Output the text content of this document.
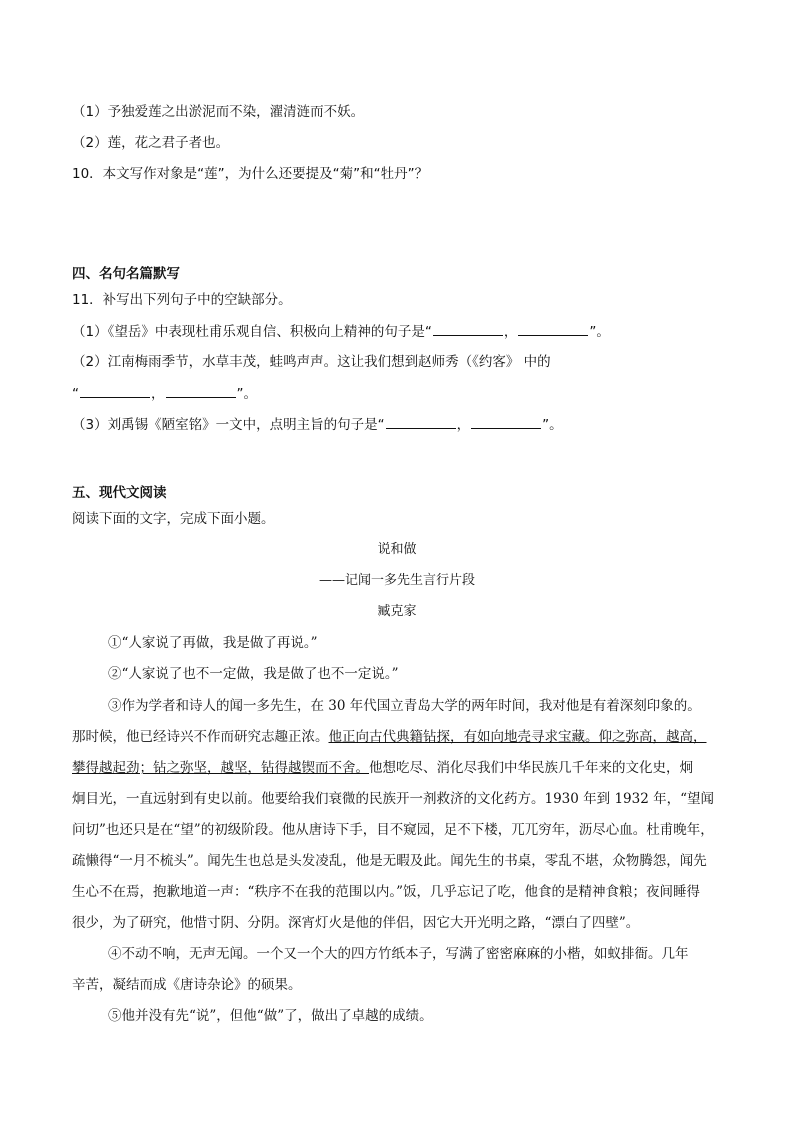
（1）予独爱莲之出淤泥而不染，濯清涟而不妖。
（2）莲，花之君子者也。
10．本文写作对象是“莲”，为什么还要提及“菊”和“牡丹”？
四、名句名篇默写
11．补写出下列句子中的空缺部分。
（1）《望岳》中表现杜甫乐观自信、积极向上精神的句子是“	，	”。
（2）江南梅雨季节，水草丰茂，蛙鸣声声。这让我们想到赵师秀（《约客》 中的
“	，	”。
（3）刘禹锡《陋室铭》一文中，点明主旨的句子是“	，	”。
五、现代文阅读
阅读下面的文字，完成下面小题。
说和做
——记闻一多先生言行片段
臧克家
①“人家说了再做，我是做了再说。”
②“人家说了也不一定做，我是做了也不一定说。”
③作为学者和诗人的闻一多先生，在 30 年代国立青岛大学的两年时间，我对他是有着深刻印象的。
那时候，他已经诗兴不作而研究志趣正浓。他正向古代典籍钻探，有如向地壳寻求宝藏。仰之弥高，越高，
攀得越起劲；钻之弥坚，越坚，钻得越锲而不舍。他想吃尽、消化尽我们中华民族几千年来的文化史，炯
炯目光，一直远射到有史以前。他要给我们衰微的民族开一剂救济的文化药方。1930 年到 1932 年，“望闻
问切”也还只是在“望”的初级阶段。他从唐诗下手，目不窥园，足不下楼，兀兀穷年，沥尽心血。杜甫晚年，
疏懒得“一月不梳头”。闻先生也总是头发凌乱，他是无暇及此。闻先生的书桌，零乱不堪，众物腾怨，闻先
生心不在焉，抱歉地道一声：“秩序不在我的范围以内。”饭，几乎忘记了吃，他食的是精神食粮；夜间睡得
很少，为了研究，他惜寸阴、分阴。深宵灯火是他的伴侣，因它大开光明之路，“漂白了四壁”。
④不动不响，无声无闻。一个又一个大的四方竹纸本子，写满了密密麻麻的小楷，如蚁排衙。几年
辛苦，凝结而成《唐诗杂论》的硕果。
⑤他并没有先“说”，但他“做”了，做出了卓越的成绩。
